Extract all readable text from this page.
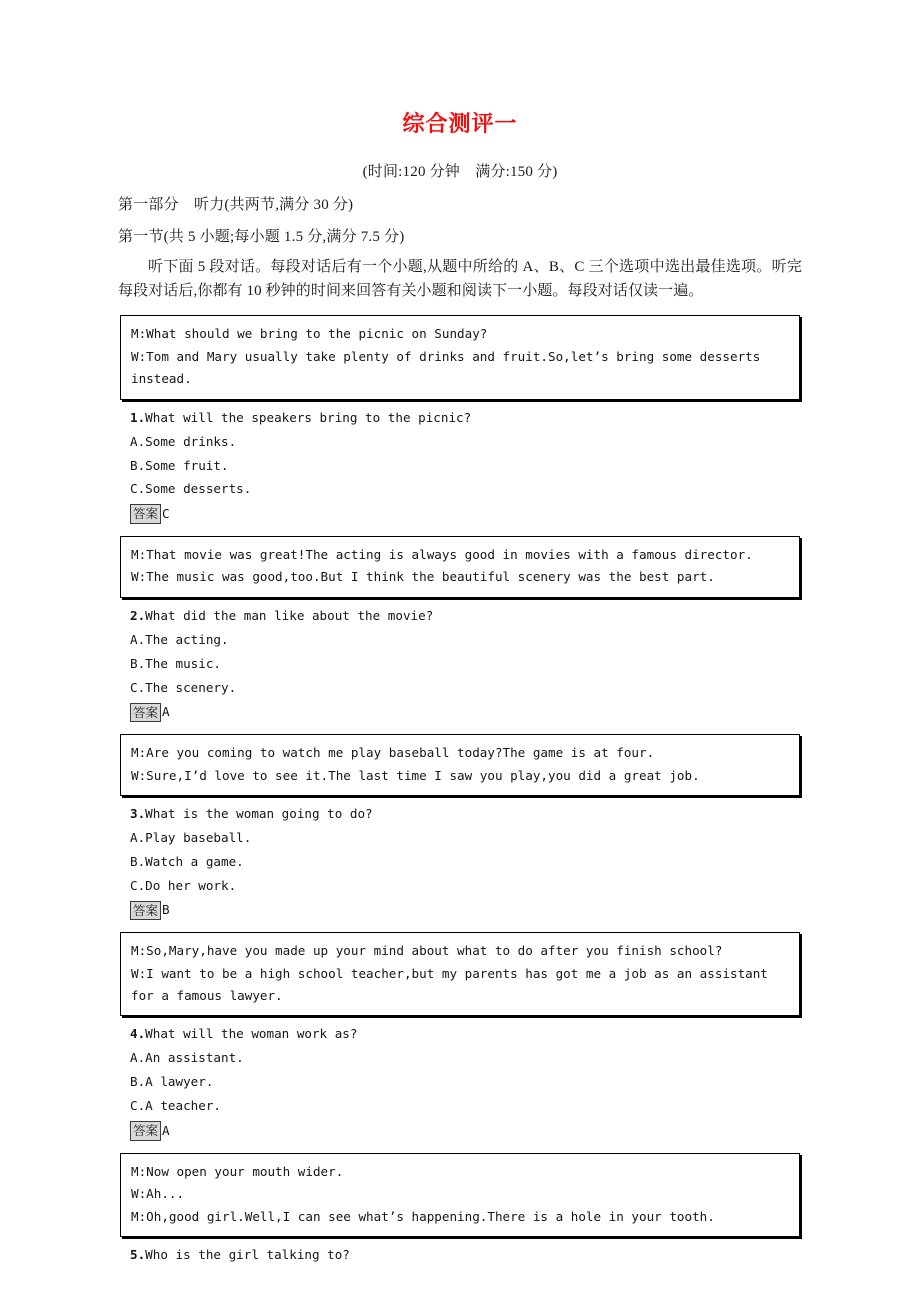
综合测评一
(时间:120 分钟　满分:150 分)
第一部分　听力(共两节,满分 30 分)
第一节(共 5 小题;每小题 1.5 分,满分 7.5 分)
听下面 5 段对话。每段对话后有一个小题,从题中所给的 A、B、C 三个选项中选出最佳选项。听完每段对话后,你都有 10 秒钟的时间来回答有关小题和阅读下一小题。每段对话仅读一遍。
M:What should we bring to the picnic on Sunday?
W:Tom and Mary usually take plenty of drinks and fruit.So,let’s bring some desserts instead.
1.What will the speakers bring to the picnic?
A.Some drinks.
B.Some fruit.
C.Some desserts.
答案 C
M:That movie was great!The acting is always good in movies with a famous director.
W:The music was good,too.But I think the beautiful scenery was the best part.
2.What did the man like about the movie?
A.The acting.
B.The music.
C.The scenery.
答案 A
M:Are you coming to watch me play baseball today?The game is at four.
W:Sure,I’d love to see it.The last time I saw you play,you did a great job.
3.What is the woman going to do?
A.Play baseball.
B.Watch a game.
C.Do her work.
答案 B
M:So,Mary,have you made up your mind about what to do after you finish school?
W:I want to be a high school teacher,but my parents has got me a job as an assistant for a famous lawyer.
4.What will the woman work as?
A.An assistant.
B.A lawyer.
C.A teacher.
答案 A
M:Now open your mouth wider.
W:Ah...
M:Oh,good girl.Well,I can see what’s happening.There is a hole in your tooth.
5.Who is the girl talking to?
